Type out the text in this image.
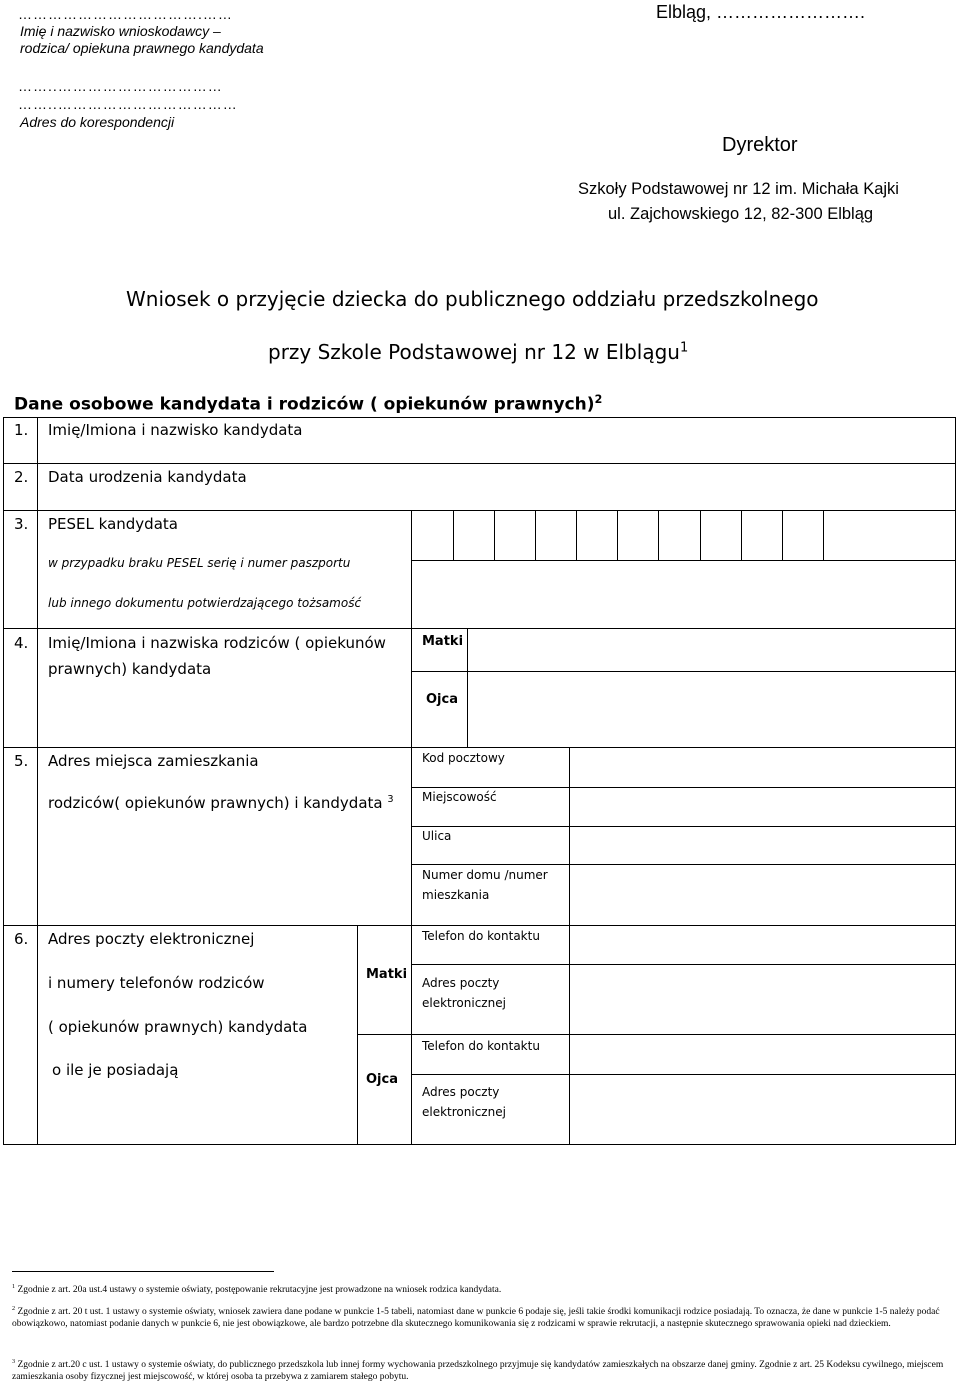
……………………………….……
Imię i nazwisko wnioskodawcy –
rodzica/ opiekuna prawnego kandydata
……..……………………………
……..………………………………
Adres do korespondencji
Elbląg, …………………….
Dyrektor
Szkoły Podstawowej nr 12 im. Michała Kajki
ul. Zajchowskiego 12, 82-300 Elbląg
Wniosek o przyjęcie dziecka do publicznego oddziału przedszkolnego
przy Szkole Podstawowej nr 12 w Elblągu$^1$
Dane osobowe kandydata i rodziców ( opiekunów prawnych)$^2$
1. Imię/Imiona i nazwisko kandydata
2. Data urodzenia kandydata
3. PESEL kandydata
w przypadku braku PESEL serię i numer paszportu
lub innego dokumentu potwierdzającego tożsamość
4. Imię/Imiona i nazwiska rodziców ( opiekunów
prawnych) kandydata
Matki
Ojca
5. Adres miejsca zamieszkania
rodziców( opiekunów prawnych) i kandydata $^3$
Kod pocztowy
Miejscowość
Ulica
Numer domu /numer
mieszkania
6. Adres poczty elektronicznej
i numery telefonów rodziców
( opiekunów prawnych) kandydata
o ile je posiadają
Matki
Ojca
Telefon do kontaktu
Adres poczty
elektronicznej
Telefon do kontaktu
Adres poczty
elektronicznej
$^1$ Zgodnie z art. 20a ust.4 ustawy o systemie oświaty, postępowanie rekrutacyjne jest prowadzone na wniosek rodzica kandydata.
$^2$ Zgodnie z art. 20 t ust. 1 ustawy o systemie oświaty, wniosek zawiera dane podane w punkcie 1-5 tabeli, natomiast dane w punkcie 6 podaje się, jeśli takie środki komunikacji rodzice posiadają. To oznacza, że dane w punkcie 1-5 należy podać obowiązkowo, natomiast podanie danych w punkcie 6, nie jest obowiązkowe, ale bardzo potrzebne dla skutecznego komunikowania się z rodzicami w sprawie rekrutacji, a następnie skutecznego sprawowania opieki nad dzieckiem.
$^3$ Zgodnie z art.20 c ust. 1 ustawy o systemie oświaty, do publicznego przedszkola lub innej formy wychowania przedszkolnego przyjmuje się kandydatów zamieszkałych na obszarze danej gminy. Zgodnie z art. 25 Kodeksu cywilnego, miejscem zamieszkania osoby fizycznej jest miejscowość, w której osoba ta przebywa z zamiarem stałego pobytu.
